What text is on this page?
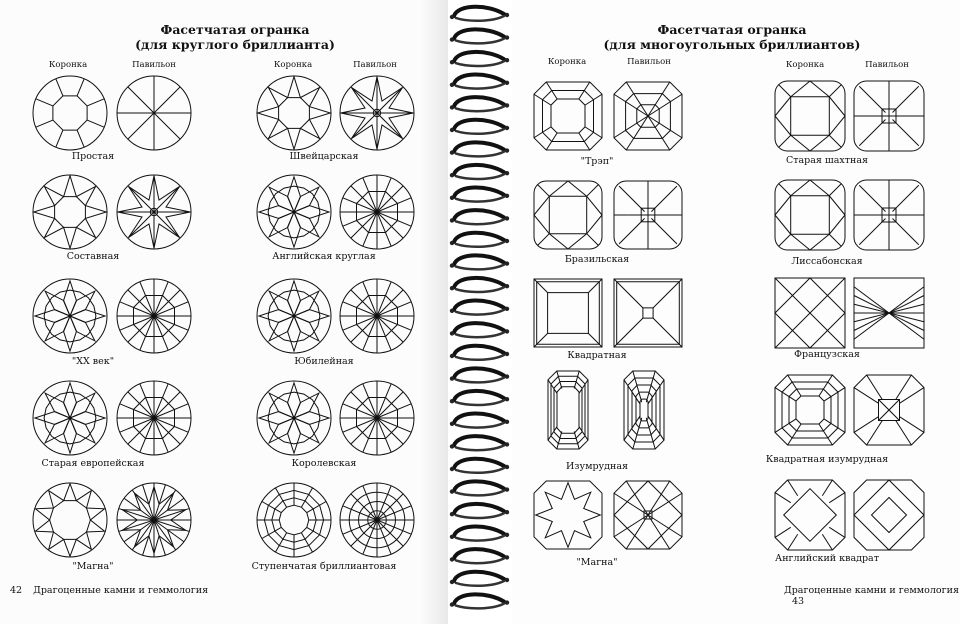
Фасетчатая огранка
(для круглого бриллианта)
Коронка	Павильон	Коронка	Павильон
Простая
Составная
"XX век"
Старая европейская
"Магна"
Швейцарская
Английская круглая
Юбилейная
Королевская
Ступенчатая бриллиантовая
42 Драгоценные камни и геммология
Фасетчатая огранка
(для многоугольных бриллиантов)
Коронка	Павильон	Коронка	Павильон
"Трэп"
Бразильская
Квадратная
Изумрудная
"Магна"
Старая шахтная
Лиссабонская
Французская
Квадратная изумрудная
Английский квадрат
Драгоценные камни и геммология 43
